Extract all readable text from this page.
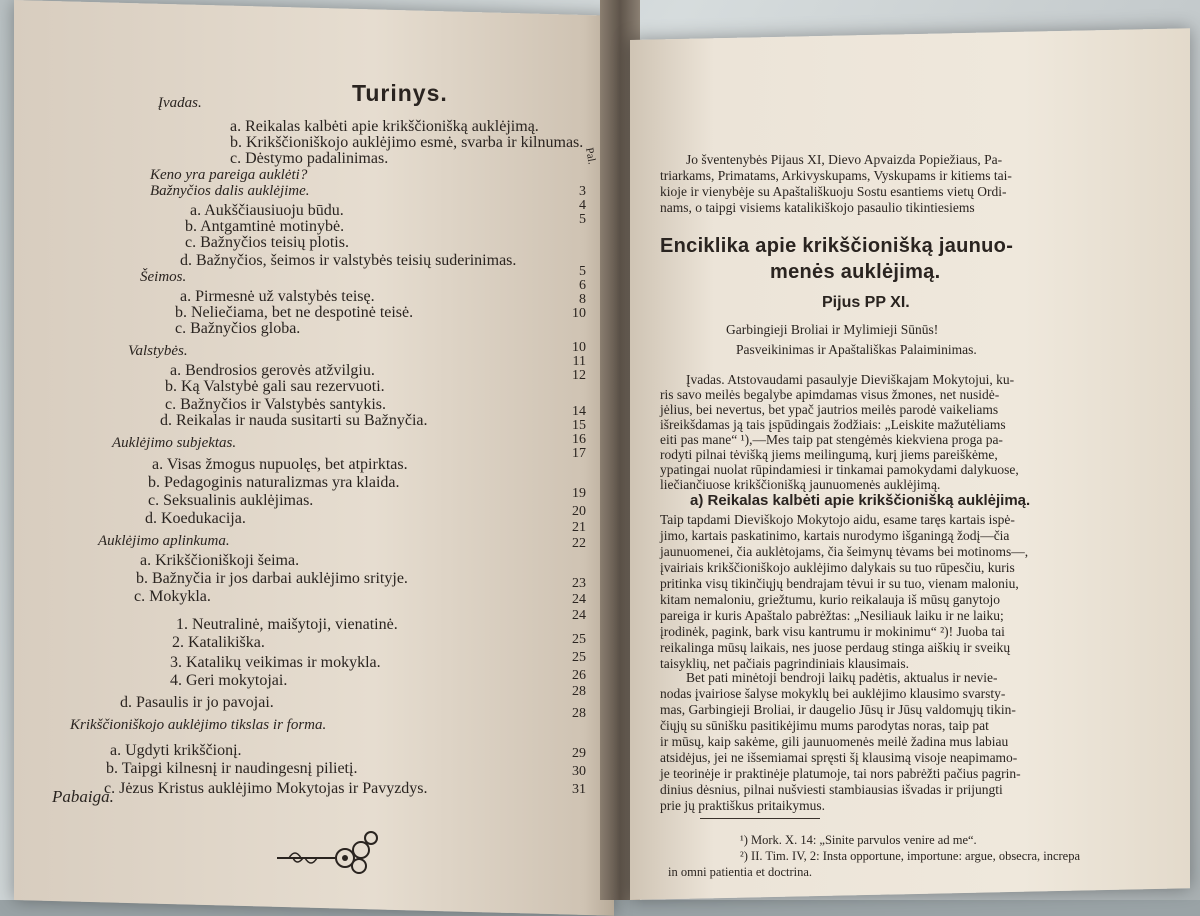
Turinys.
Pal.
Pabaiga.
Įvadas.
a. Reikalas kalbėti apie krikščionišką auklėjimą.
b. Krikščioniškojo auklėjimo esmė, svarba ir kilnumas.
c. Dėstymo padalinimas.
Keno yra pareiga auklėti?
Bažnyčios dalis auklėjime.
a. Aukščiausiuoju būdu.
b. Antgamtinė motinybė.
c. Bažnyčios teisių plotis.
d. Bažnyčios, šeimos ir valstybės teisių suderinimas.
Šeimos.
a. Pirmesnė už valstybės teisę.
b. Neliečiama, bet ne despotinė teisė.
c. Bažnyčios globa.
Valstybės.
a. Bendrosios gerovės atžvilgiu.
b. Ką Valstybė gali sau rezervuoti.
c. Bažnyčios ir Valstybės santykis.
d. Reikalas ir nauda susitarti su Bažnyčia.
Auklėjimo subjektas.
a. Visas žmogus nupuolęs, bet atpirktas.
b. Pedagoginis naturalizmas yra klaida.
c. Seksualinis auklėjimas.
d. Koedukacija.
Auklėjimo aplinkuma.
a. Krikščioniškoji šeima.
b. Bažnyčia ir jos darbai auklėjimo srityje.
c. Mokykla.
1. Neutralinė, maišytoji, vienatinė.
2. Katalikiška.
3. Katalikų veikimas ir mokykla.
4. Geri mokytojai.
d. Pasaulis ir jo pavojai.
Krikščioniškojo auklėjimo tikslas ir forma.
a. Ugdyti krikščionį.
b. Taipgi kilnesnį ir naudingesnį pilietį.
c. Jėzus Kristus auklėjimo Mokytojas ir Pavyzdys.
3
4
5
5
6
8
10
10
11
12
14
15
16
17
19
20
21
22
23
24
24
25
25
26
28
28
29
30
31
Jo šventenybės Pijaus XI, Dievo Apvaizda Popiežiaus, Pa-
triarkams, Primatams, Arkivyskupams, Vyskupams ir kitiems tai-
kioje ir vienybėje su Apaštališkuoju Sostu esantiems vietų Ordi-
nams, o taipgi visiems katalikiškojo pasaulio tikintiesiems
Enciklika apie krikščionišką jaunuo-
menės auklėjimą.
Pijus PP XI.
Garbingieji Broliai ir Mylimieji Sūnūs!
Pasveikinimas ir Apaštališkas Palaiminimas.
Įvadas. Atstovaudami pasaulyje Dieviškajam Mokytojui, ku-
ris savo meilės begalybe apimdamas visus žmones, net nusidė-
jėlius, bei nevertus, bet ypač jautrios meilės parodė vaikeliams
išreikšdamas ją tais įspūdingais žodžiais: „Leiskite mažutėliams
eiti pas mane“ ¹),—Mes taip pat stengėmės kiekviena proga pa-
rodyti pilnai tėvišką jiems meilingumą, kurį jiems pareiškėme,
ypatingai nuolat rūpindamiesi ir tinkamai pamokydami dalykuose,
liečiančiuose krikščionišką jaunuomenės auklėjimą.
a) Reikalas kalbėti apie krikščionišką auklėjimą.
Taip tapdami Dieviškojo Mokytojo aidu, esame taręs kartais ispė-
jimo, kartais paskatinimo, kartais nurodymo išganingą žodį—čia
jaunuomenei, čia auklėtojams, čia šeimynų tėvams bei motinoms—,
įvairiais krikščioniškojo auklėjimo dalykais su tuo rūpesčiu, kuris
pritinka visų tikinčiųjų bendrajam tėvui ir su tuo, vienam maloniu,
kitam nemaloniu, griežtumu, kurio reikalauja iš mūsų ganytojo
pareiga ir kuris Apaštalo pabrėžtas: „Nesiliauk laiku ir ne laiku;
įrodinėk, pagink, bark visu kantrumu ir mokinimu“ ²)! Juoba tai
reikalinga mūsų laikais, nes juose perdaug stinga aiškių ir sveikų
taisyklių, net pačiais pagrindiniais klausimais.
Bet pati minėtoji bendroji laikų padėtis, aktualus ir nevie-
nodas įvairiose šalyse mokyklų bei auklėjimo klausimo svarsty-
mas, Garbingieji Broliai, ir daugelio Jūsų ir Jūsų valdomųjų tikin-
čiųjų su sūnišku pasitikėjimu mums parodytas noras, taip pat
ir mūsų, kaip sakėme, gili jaunuomenės meilė žadina mus labiau
atsidėjus, jei ne išsemiamai spręsti šį klausimą visoje neapimamo-
je teorinėje ir praktinėje platumoje, tai nors pabrėžti pačius pagrin-
dinius dėsnius, pilnai nušviesti stambiausias išvadas ir prijungti
prie jų praktiškus pritaikymus.
¹) Mork. X. 14: „Sinite parvulos venire ad me“.
²) II. Tim. IV, 2: Insta opportune, importune: argue, obsecra, increpa
in omni patientia et doctrina.
